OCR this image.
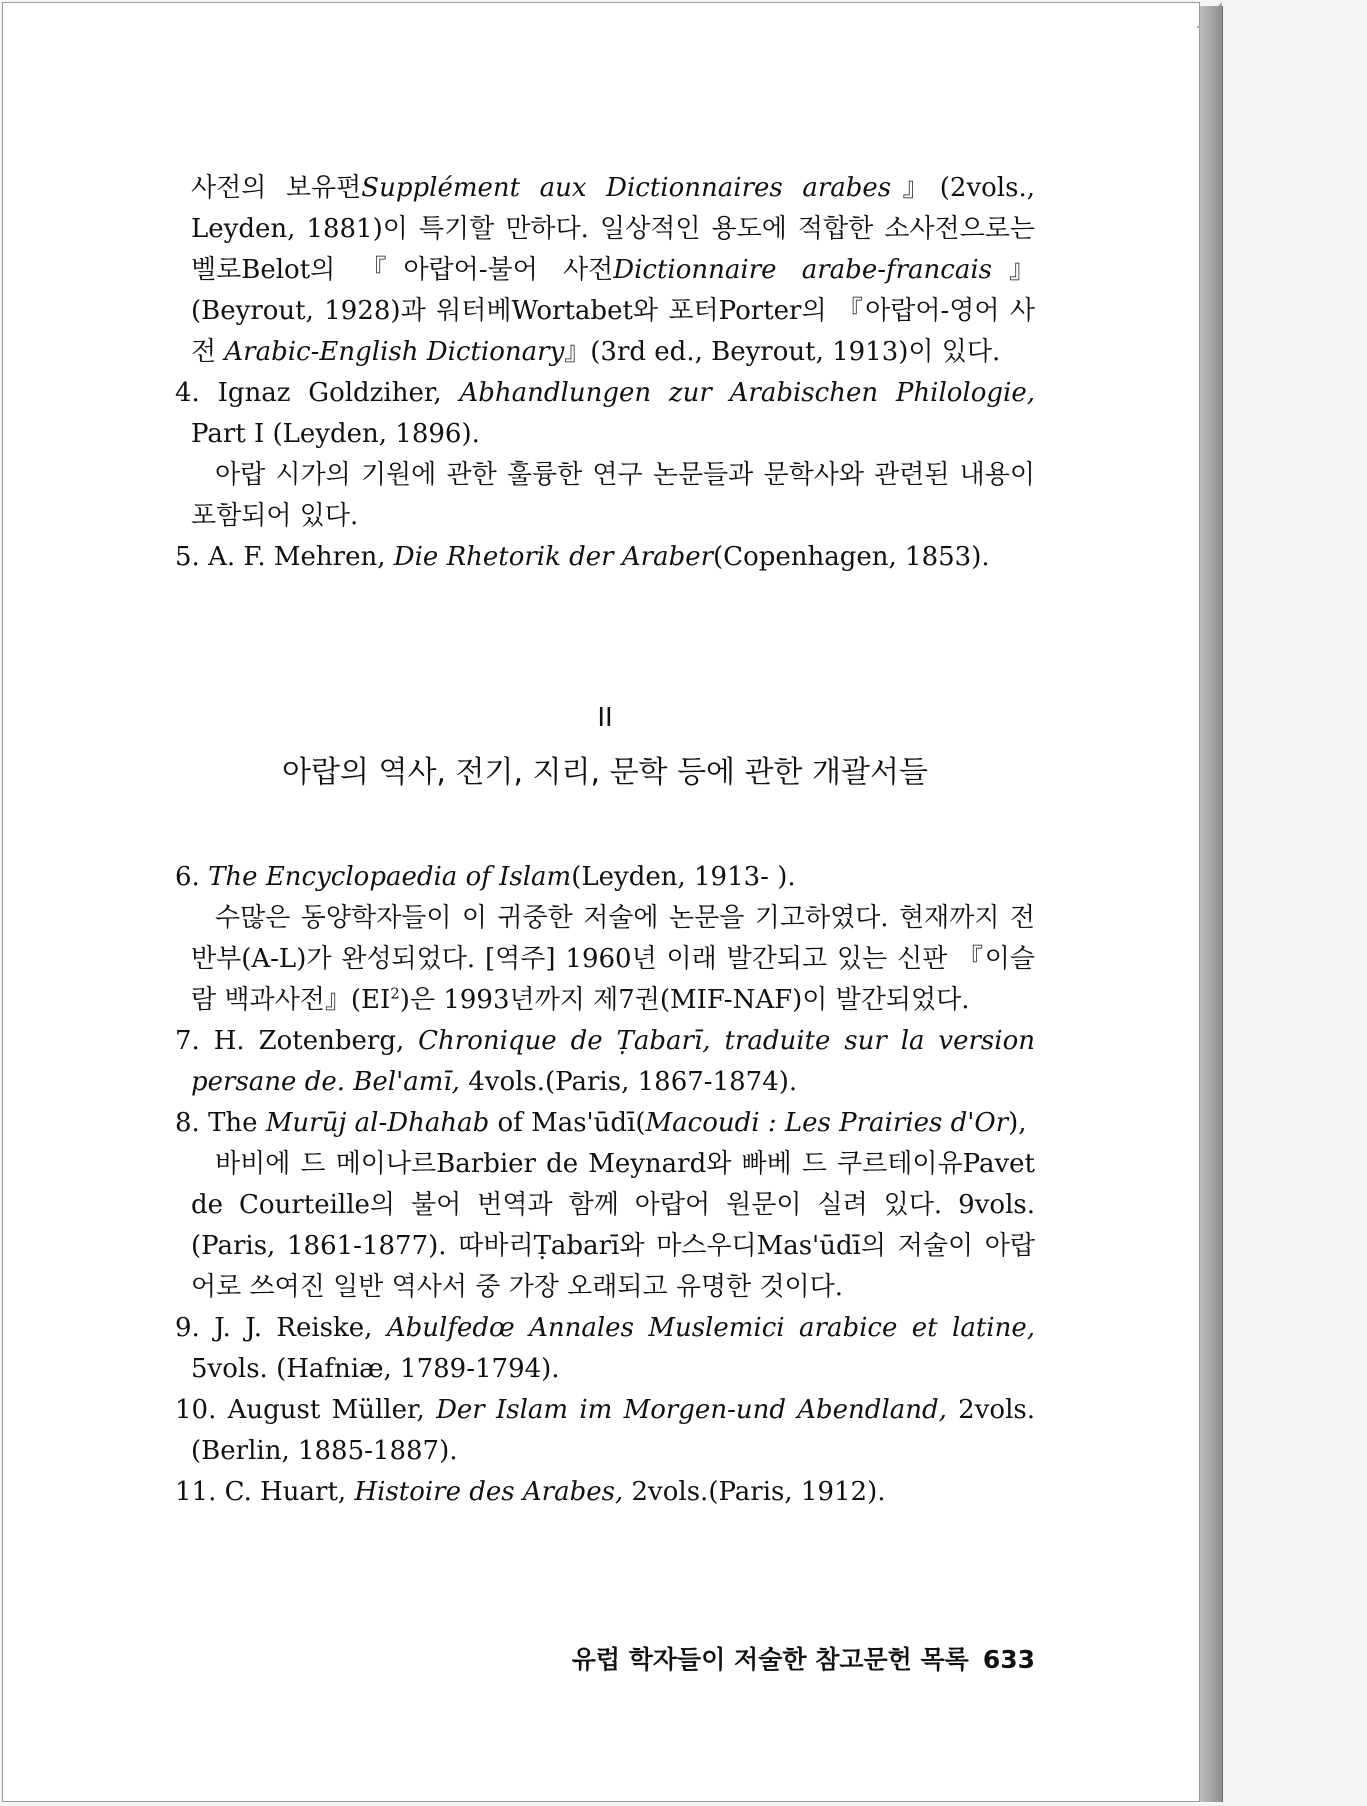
사전의 보유편Supplément aux Dictionnaires arabes』(2vols., Leyden, 1881)이 특기할 만하다. 일상적인 용도에 적합한 소사전으로는 벨로Belot의 『아랍어-불어 사전Dictionnaire arabe-francais』(Beyrout, 1928)과 워터베Wortabet와 포터Porter의 『아랍어-영어 사전 Arabic-English Dictionary』(3rd ed., Beyrout, 1913)이 있다.

4. Ignaz Goldziher, Abhandlungen zur Arabischen Philologie, Part I (Leyden, 1896).

아랍 시가의 기원에 관한 훌륭한 연구 논문들과 문학사와 관련된 내용이 포함되어 있다.

5. A. F. Mehren, Die Rhetorik der Araber(Copenhagen, 1853).

II

아랍의 역사, 전기, 지리, 문학 등에 관한 개괄서들

6. The Encyclopaedia of Islam(Leyden, 1913- ).

수많은 동양학자들이 이 귀중한 저술에 논문을 기고하였다. 현재까지 전반부(A-L)가 완성되었다. [역주] 1960년 이래 발간되고 있는 신판 『이슬람 백과사전』$(EI^2)$은 1993년까지 제7권(MIF-NAF)이 발간되었다.

7. H. Zotenberg, Chronique de Ṭabarī, traduite sur la version persane de. Bel'amī, 4vols.(Paris, 1867-1874).

8. The Murūj al-Dhahab of Mas'ūdī(Macoudi : Les Prairies d'Or),

바비에 드 메이나르Barbier de Meynard와 빠베 드 쿠르테이유Pavet de Courteille의 불어 번역과 함께 아랍어 원문이 실려 있다. 9vols.(Paris, 1861-1877). 따바리Ṭabarī와 마스우디Mas'ūdī의 저술이 아랍어로 쓰여진 일반 역사서 중 가장 오래되고 유명한 것이다.

9. J. J. Reiske, Abulfedœ Annales Muslemici arabice et latine, 5vols. (Hafniæ, 1789-1794).

10. August Müller, Der Islam im Morgen-und Abendland, 2vols.(Berlin, 1885-1887).

11. C. Huart, Histoire des Arabes, 2vols.(Paris, 1912).

유럽 학자들이 저술한 참고문헌 목록 633
